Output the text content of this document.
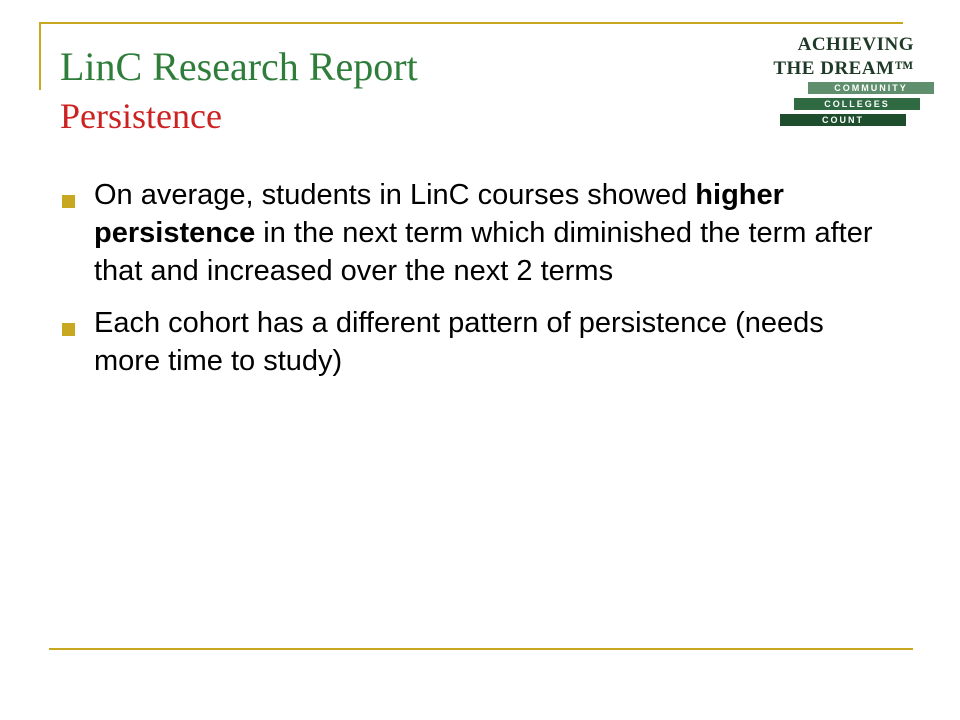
LinC Research Report
Persistence
ACHIEVING
THE DREAM™
COMMUNITY
COLLEGES
COUNT
On average, students in LinC courses showed higher persistence in the next term which diminished the term after that and increased over the next 2 terms
Each cohort has a different pattern of persistence (needs more time to study)
